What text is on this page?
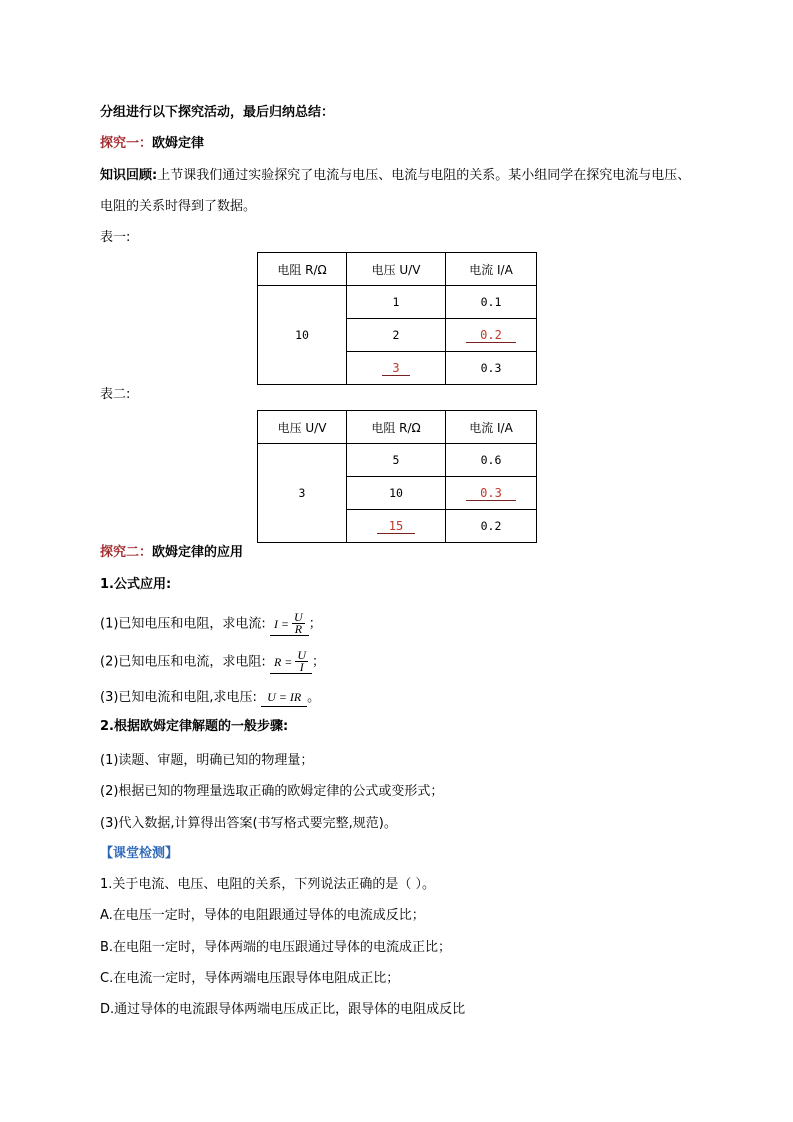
分组进行以下探究活动，最后归纳总结：
探究一：欧姆定律
知识回顾:上节课我们通过实验探究了电流与电压、电流与电阻的关系。某小组同学在探究电流与电压、
电阻的关系时得到了数据。
表一:
电阻 R/Ω	电压 U/V	电流 I/A
10	1	0.1
	2	0.2
	3	0.3
表二:
电压 U/V	电阻 R/Ω	电流 I/A
3	5	0.6
	10	0.3
	15	0.2
探究二：欧姆定律的应用
1.公式应用:
(1)已知电压和电阻，求电流: $I = \frac{U}{R}$ ；
(2)已知电压和电流，求电阻: $R = \frac{U}{I}$ ；
(3)已知电流和电阻,求电压: U = IR 。
2.根据欧姆定律解题的一般步骤:
(1)读题、审题，明确已知的物理量；
(2)根据已知的物理量选取正确的欧姆定律的公式或变形式；
(3)代入数据,计算得出答案(书写格式要完整,规范)。
【课堂检测】
1.关于电流、电压、电阻的关系，下列说法正确的是（ ）。
A.在电压一定时，导体的电阻跟通过导体的电流成反比；
B.在电阻一定时，导体两端的电压跟通过导体的电流成正比；
C.在电流一定时，导体两端电压跟导体电阻成正比；
D.通过导体的电流跟导体两端电压成正比，跟导体的电阻成反比
